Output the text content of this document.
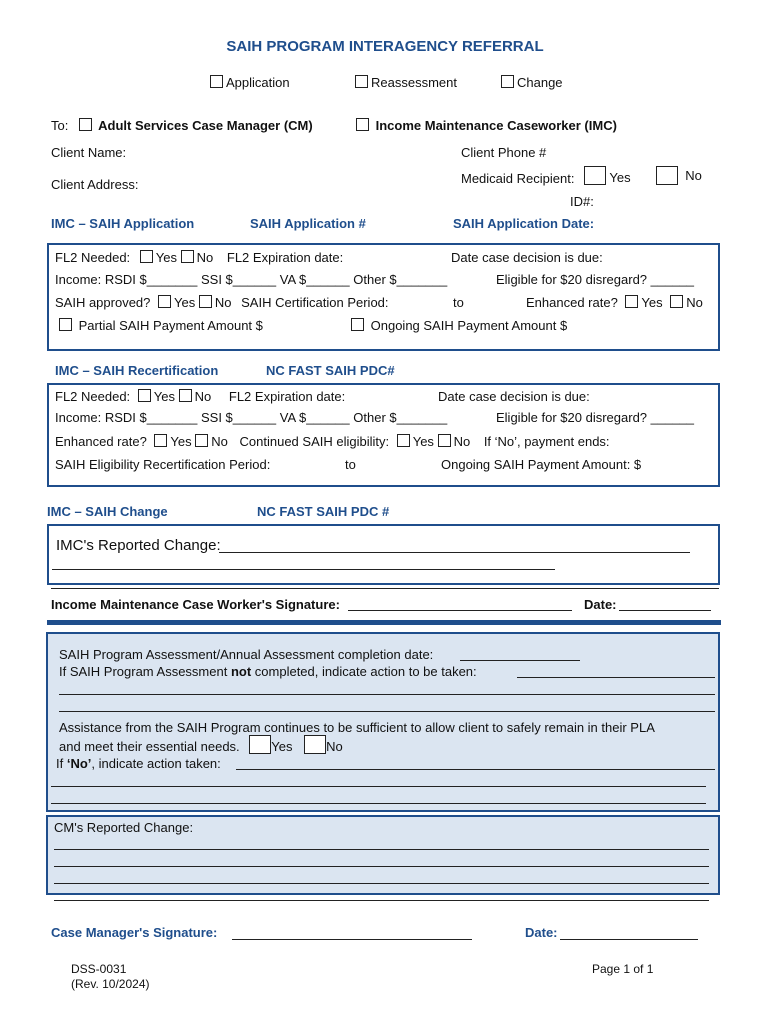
SAIH PROGRAM INTERAGENCY REFERRAL
Application	Reassessment	Change
To:	Adult Services Case Manager (CM)	Income Maintenance Caseworker (IMC)
Client Name:
Client Address:
Client Phone #
Medicaid Recipient:	Yes	No
ID#:
IMC – SAIH Application	SAIH Application #	SAIH Application Date:
FL2 Needed: Yes No FL2 Expiration date:	Date case decision is due:
Income: RSDI $_______ SSI $______ VA $______ Other $_______	Eligible for $20 disregard? ______
SAIH approved? Yes No SAIH Certification Period:	to	Enhanced rate? Yes No
Partial SAIH Payment Amount $	Ongoing SAIH Payment Amount $
IMC – SAIH Recertification	NC FAST SAIH PDC#
FL2 Needed: Yes No FL2 Expiration date:	Date case decision is due:
Income: RSDI $_______ SSI $______ VA $______ Other $_______	Eligible for $20 disregard? ______
Enhanced rate? Yes No Continued SAIH eligibility: Yes No If ‘No’, payment ends:
SAIH Eligibility Recertification Period:	to	Ongoing SAIH Payment Amount: $
IMC – SAIH Change	NC FAST SAIH PDC #
IMC's Reported Change:
Income Maintenance Case Worker's Signature:	Date:
SAIH Program Assessment/Annual Assessment completion date:
If SAIH Program Assessment not completed, indicate action to be taken:
Assistance from the SAIH Program continues to be sufficient to allow client to safely remain in their PLA
and meet their essential needs. Yes	No
If ‘No’, indicate action taken:
CM's Reported Change:
Case Manager's Signature:	Date:
DSS-0031
(Rev. 10/2024)
Page 1 of 1
